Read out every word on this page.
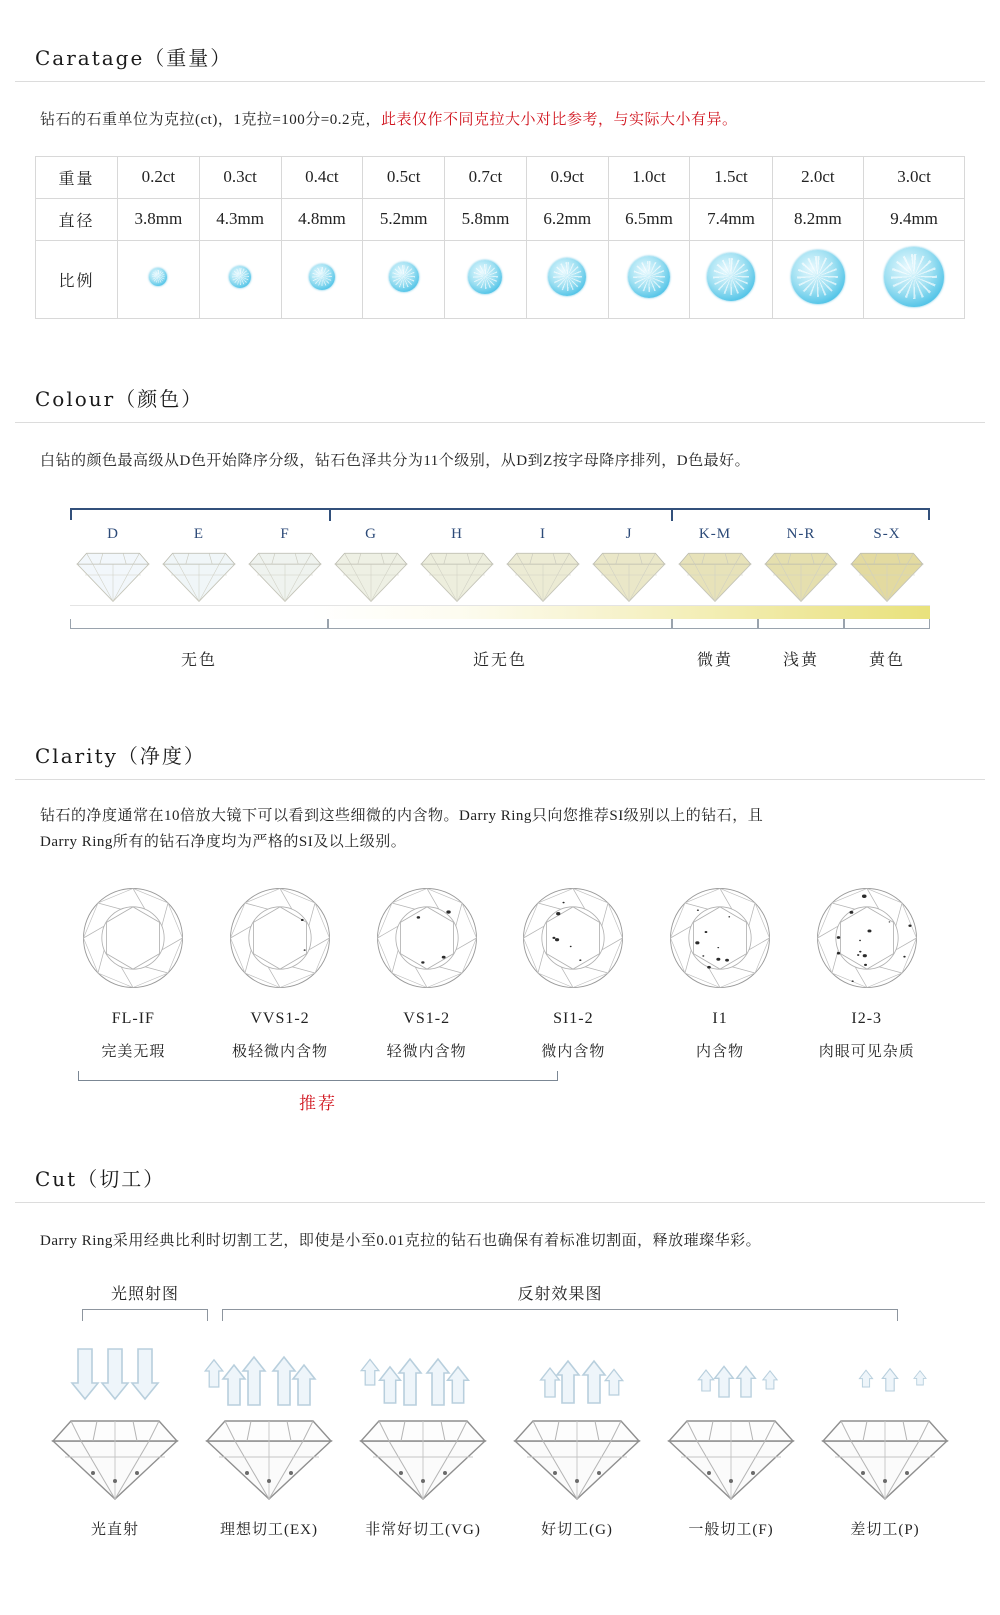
Caratage（重量）
钻石的石重单位为克拉(ct)，1克拉=100分=0.2克，此表仅作不同克拉大小对比参考，与实际大小有异。
重量	0.2ct	0.3ct	0.4ct	0.5ct	0.7ct	0.9ct	1.0ct	1.5ct	2.0ct	3.0ct
直径	3.8mm	4.3mm	4.8mm	5.2mm	5.8mm	6.2mm	6.5mm	7.4mm	8.2mm	9.4mm
比例										
Colour（颜色）
白钻的颜色最高级从D色开始降序分级，钻石色泽共分为11个级别，从D到Z按字母降序排列，D色最好。
D	E	F	G	H	I	J	K-M	N-R	S-X
无色	近无色	微黄	浅黄	黄色
Clarity（净度）
钻石的净度通常在10倍放大镜下可以看到这些细微的内含物。Darry Ring只向您推荐SI级别以上的钻石，且
Darry Ring所有的钻石净度均为严格的SI及以上级别。
FL-IF
完美无瑕
VVS1-2
极轻微内含物
VS1-2
轻微内含物
SI1-2
微内含物
I1
内含物
I2-3
肉眼可见杂质
推荐
Cut（切工）
Darry Ring采用经典比利时切割工艺，即使是小至0.01克拉的钻石也确保有着标准切割面，释放璀璨华彩。
光照射图	反射效果图
光直射	理想切工(EX)	非常好切工(VG)	好切工(G)	一般切工(F)	差切工(P)
